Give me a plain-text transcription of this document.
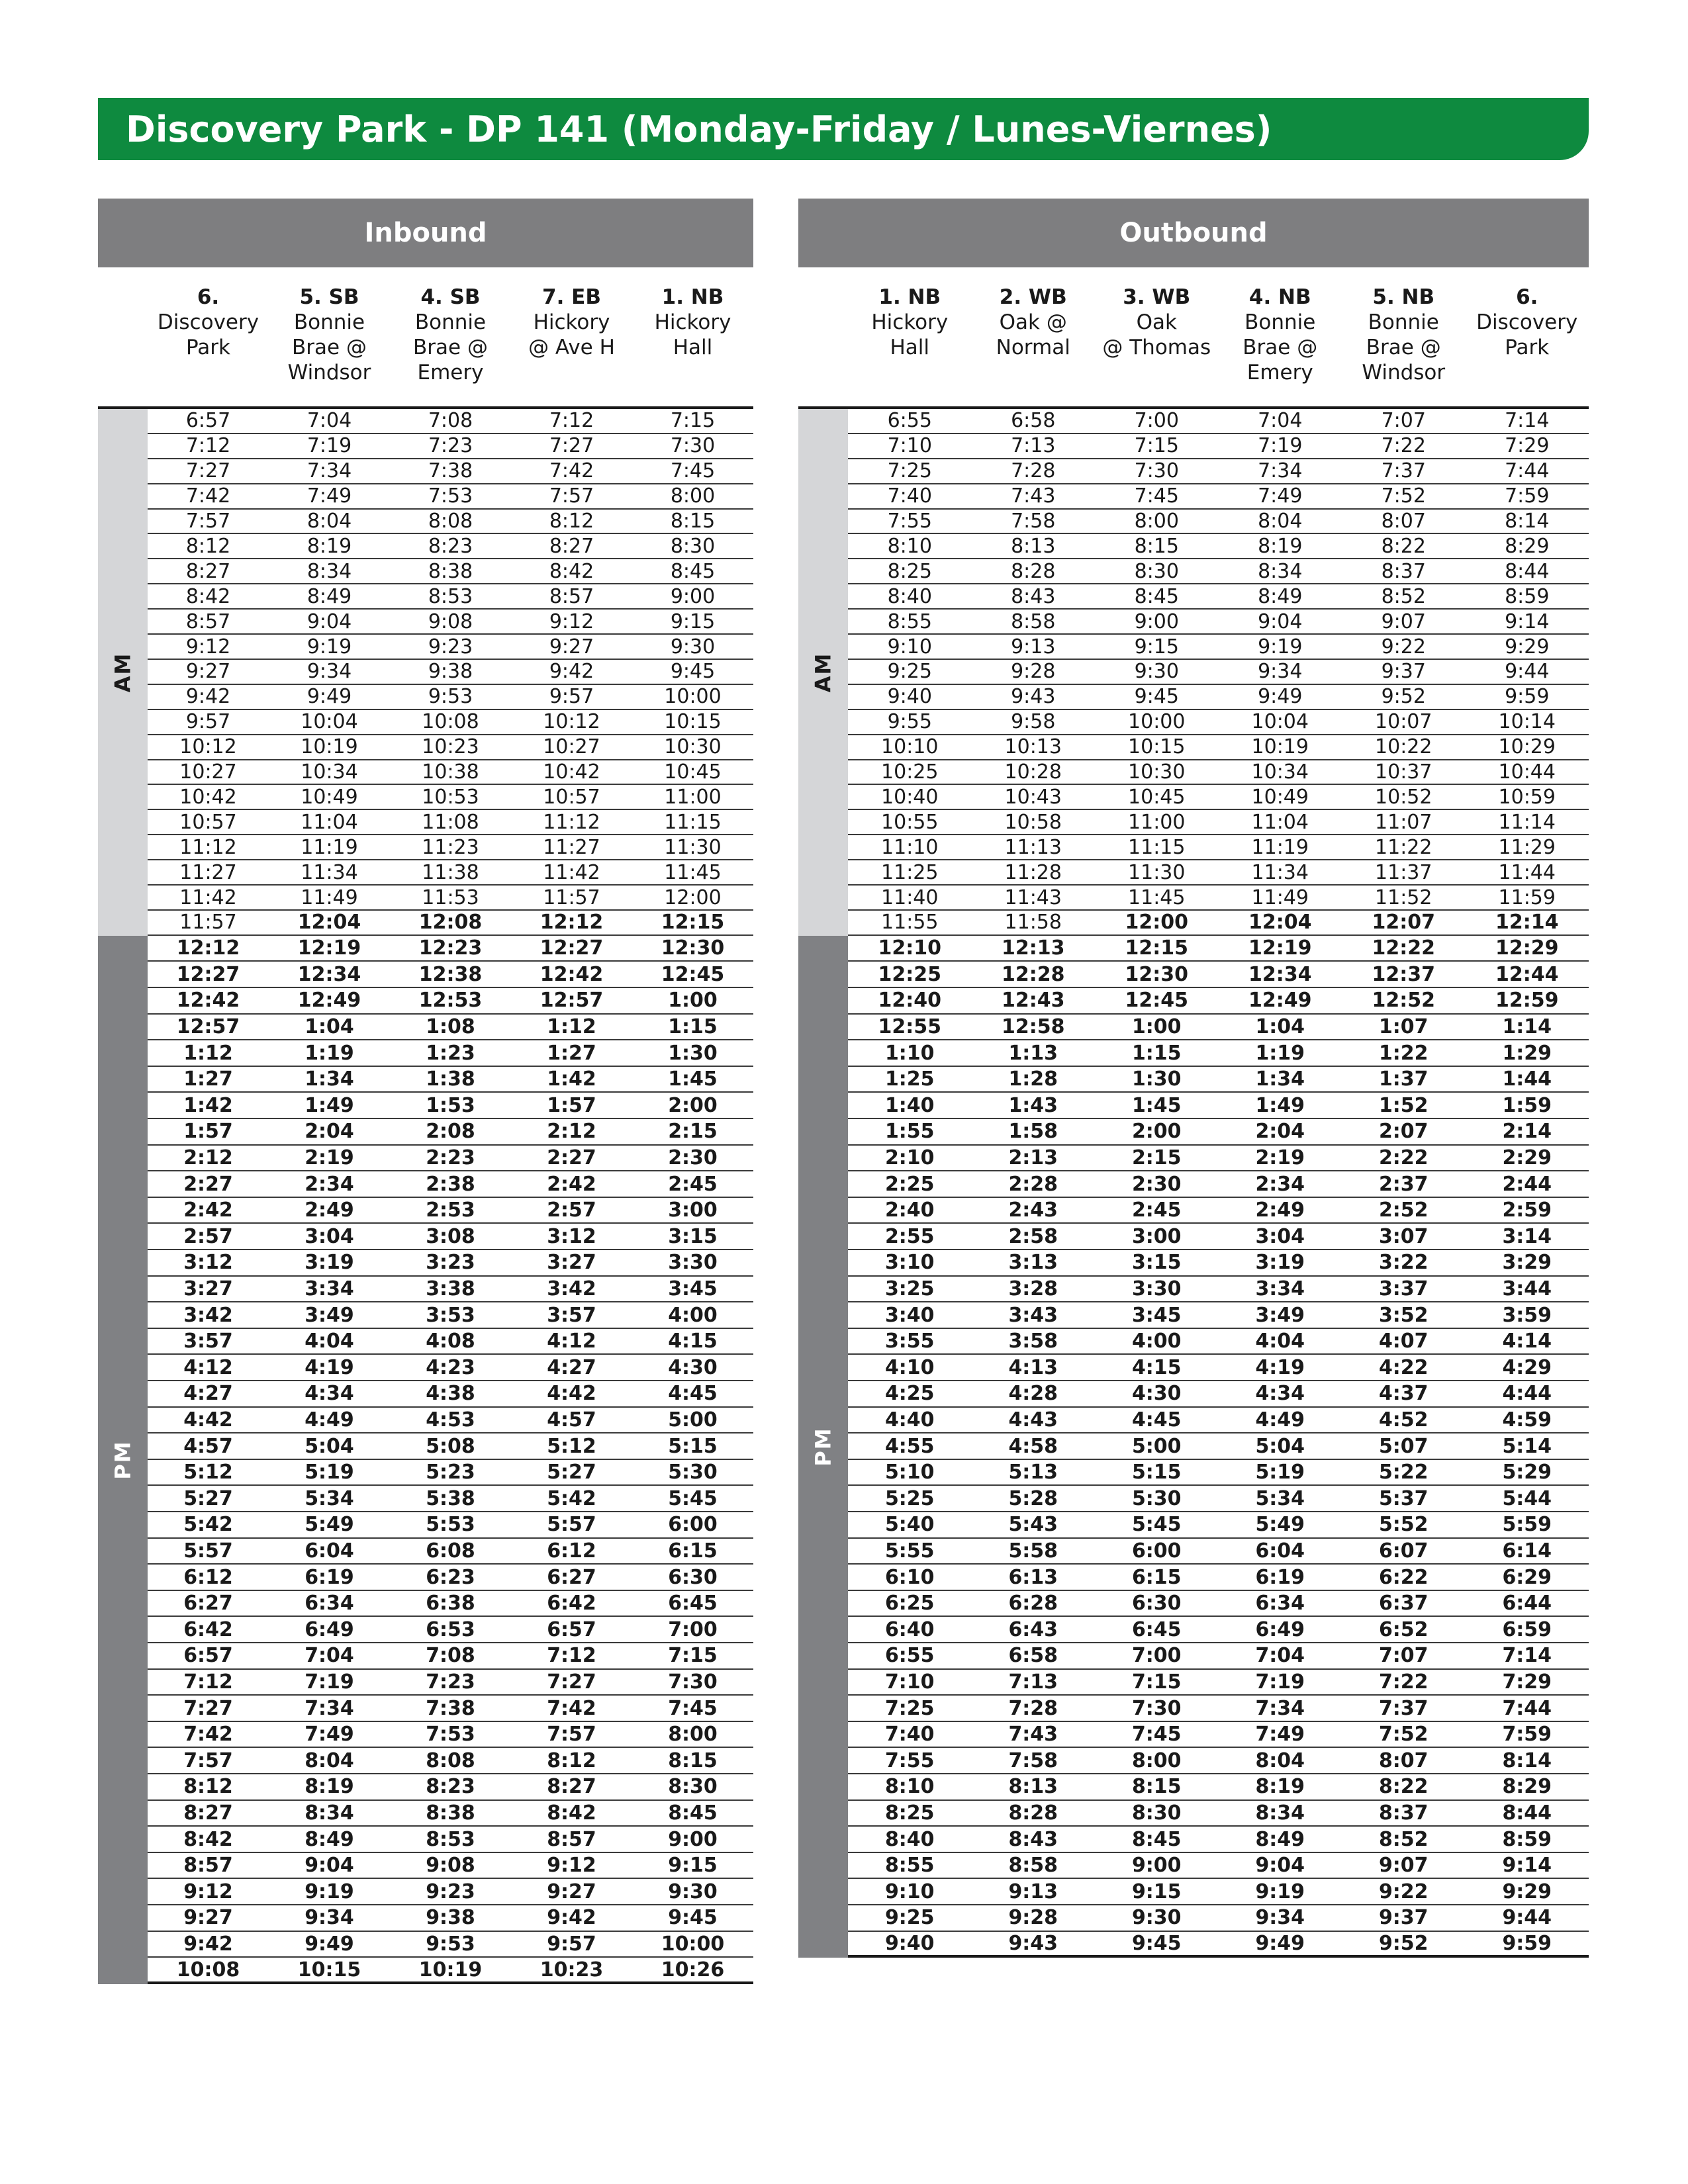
Discovery Park - DP 141 (Monday-Friday / Lunes-Viernes)
Inbound
6.
Discovery
Park
5. SB
Bonnie
Brae @
Windsor
4. SB
Bonnie
Brae @
Emery
7. EB
Hickory
@ Ave H
1. NB
Hickory
Hall
AM
PM
6:57	7:04	7:08	7:12	7:15
7:12	7:19	7:23	7:27	7:30
7:27	7:34	7:38	7:42	7:45
7:42	7:49	7:53	7:57	8:00
7:57	8:04	8:08	8:12	8:15
8:12	8:19	8:23	8:27	8:30
8:27	8:34	8:38	8:42	8:45
8:42	8:49	8:53	8:57	9:00
8:57	9:04	9:08	9:12	9:15
9:12	9:19	9:23	9:27	9:30
9:27	9:34	9:38	9:42	9:45
9:42	9:49	9:53	9:57	10:00
9:57	10:04	10:08	10:12	10:15
10:12	10:19	10:23	10:27	10:30
10:27	10:34	10:38	10:42	10:45
10:42	10:49	10:53	10:57	11:00
10:57	11:04	11:08	11:12	11:15
11:12	11:19	11:23	11:27	11:30
11:27	11:34	11:38	11:42	11:45
11:42	11:49	11:53	11:57	12:00
11:57	12:04	12:08	12:12	12:15
12:12	12:19	12:23	12:27	12:30
12:27	12:34	12:38	12:42	12:45
12:42	12:49	12:53	12:57	1:00
12:57	1:04	1:08	1:12	1:15
1:12	1:19	1:23	1:27	1:30
1:27	1:34	1:38	1:42	1:45
1:42	1:49	1:53	1:57	2:00
1:57	2:04	2:08	2:12	2:15
2:12	2:19	2:23	2:27	2:30
2:27	2:34	2:38	2:42	2:45
2:42	2:49	2:53	2:57	3:00
2:57	3:04	3:08	3:12	3:15
3:12	3:19	3:23	3:27	3:30
3:27	3:34	3:38	3:42	3:45
3:42	3:49	3:53	3:57	4:00
3:57	4:04	4:08	4:12	4:15
4:12	4:19	4:23	4:27	4:30
4:27	4:34	4:38	4:42	4:45
4:42	4:49	4:53	4:57	5:00
4:57	5:04	5:08	5:12	5:15
5:12	5:19	5:23	5:27	5:30
5:27	5:34	5:38	5:42	5:45
5:42	5:49	5:53	5:57	6:00
5:57	6:04	6:08	6:12	6:15
6:12	6:19	6:23	6:27	6:30
6:27	6:34	6:38	6:42	6:45
6:42	6:49	6:53	6:57	7:00
6:57	7:04	7:08	7:12	7:15
7:12	7:19	7:23	7:27	7:30
7:27	7:34	7:38	7:42	7:45
7:42	7:49	7:53	7:57	8:00
7:57	8:04	8:08	8:12	8:15
8:12	8:19	8:23	8:27	8:30
8:27	8:34	8:38	8:42	8:45
8:42	8:49	8:53	8:57	9:00
8:57	9:04	9:08	9:12	9:15
9:12	9:19	9:23	9:27	9:30
9:27	9:34	9:38	9:42	9:45
9:42	9:49	9:53	9:57	10:00
10:08	10:15	10:19	10:23	10:26
Outbound
1. NB
Hickory
Hall
2. WB
Oak @
Normal
3. WB
Oak
@ Thomas
4. NB
Bonnie
Brae @
Emery
5. NB
Bonnie
Brae @
Windsor
6.
Discovery
Park
AM
PM
6:55	6:58	7:00	7:04	7:07	7:14
7:10	7:13	7:15	7:19	7:22	7:29
7:25	7:28	7:30	7:34	7:37	7:44
7:40	7:43	7:45	7:49	7:52	7:59
7:55	7:58	8:00	8:04	8:07	8:14
8:10	8:13	8:15	8:19	8:22	8:29
8:25	8:28	8:30	8:34	8:37	8:44
8:40	8:43	8:45	8:49	8:52	8:59
8:55	8:58	9:00	9:04	9:07	9:14
9:10	9:13	9:15	9:19	9:22	9:29
9:25	9:28	9:30	9:34	9:37	9:44
9:40	9:43	9:45	9:49	9:52	9:59
9:55	9:58	10:00	10:04	10:07	10:14
10:10	10:13	10:15	10:19	10:22	10:29
10:25	10:28	10:30	10:34	10:37	10:44
10:40	10:43	10:45	10:49	10:52	10:59
10:55	10:58	11:00	11:04	11:07	11:14
11:10	11:13	11:15	11:19	11:22	11:29
11:25	11:28	11:30	11:34	11:37	11:44
11:40	11:43	11:45	11:49	11:52	11:59
11:55	11:58	12:00	12:04	12:07	12:14
12:10	12:13	12:15	12:19	12:22	12:29
12:25	12:28	12:30	12:34	12:37	12:44
12:40	12:43	12:45	12:49	12:52	12:59
12:55	12:58	1:00	1:04	1:07	1:14
1:10	1:13	1:15	1:19	1:22	1:29
1:25	1:28	1:30	1:34	1:37	1:44
1:40	1:43	1:45	1:49	1:52	1:59
1:55	1:58	2:00	2:04	2:07	2:14
2:10	2:13	2:15	2:19	2:22	2:29
2:25	2:28	2:30	2:34	2:37	2:44
2:40	2:43	2:45	2:49	2:52	2:59
2:55	2:58	3:00	3:04	3:07	3:14
3:10	3:13	3:15	3:19	3:22	3:29
3:25	3:28	3:30	3:34	3:37	3:44
3:40	3:43	3:45	3:49	3:52	3:59
3:55	3:58	4:00	4:04	4:07	4:14
4:10	4:13	4:15	4:19	4:22	4:29
4:25	4:28	4:30	4:34	4:37	4:44
4:40	4:43	4:45	4:49	4:52	4:59
4:55	4:58	5:00	5:04	5:07	5:14
5:10	5:13	5:15	5:19	5:22	5:29
5:25	5:28	5:30	5:34	5:37	5:44
5:40	5:43	5:45	5:49	5:52	5:59
5:55	5:58	6:00	6:04	6:07	6:14
6:10	6:13	6:15	6:19	6:22	6:29
6:25	6:28	6:30	6:34	6:37	6:44
6:40	6:43	6:45	6:49	6:52	6:59
6:55	6:58	7:00	7:04	7:07	7:14
7:10	7:13	7:15	7:19	7:22	7:29
7:25	7:28	7:30	7:34	7:37	7:44
7:40	7:43	7:45	7:49	7:52	7:59
7:55	7:58	8:00	8:04	8:07	8:14
8:10	8:13	8:15	8:19	8:22	8:29
8:25	8:28	8:30	8:34	8:37	8:44
8:40	8:43	8:45	8:49	8:52	8:59
8:55	8:58	9:00	9:04	9:07	9:14
9:10	9:13	9:15	9:19	9:22	9:29
9:25	9:28	9:30	9:34	9:37	9:44
9:40	9:43	9:45	9:49	9:52	9:59
